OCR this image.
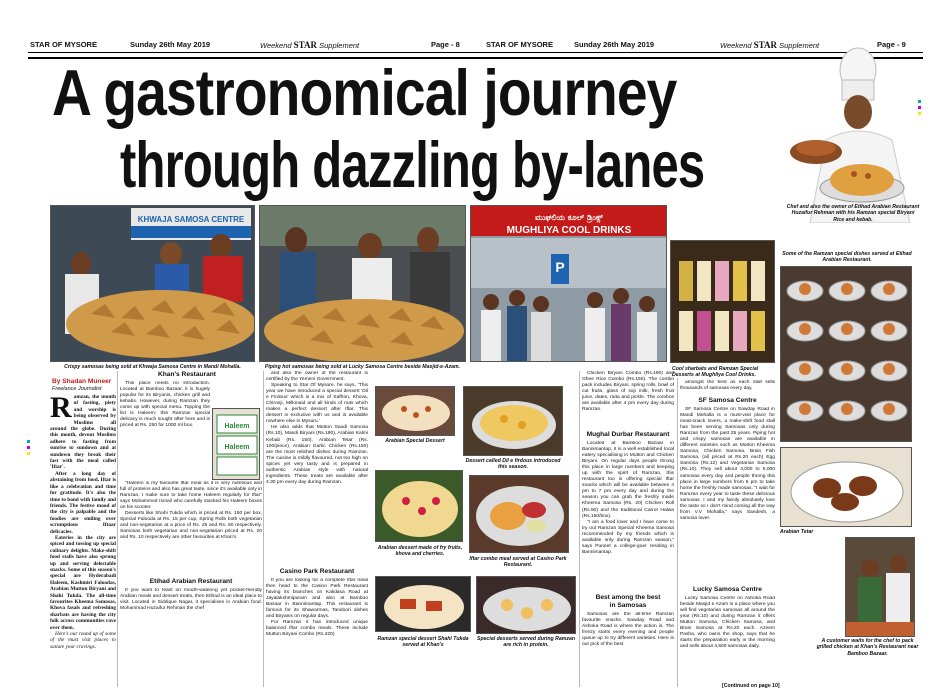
STAR OF MYSORE	Sunday 26th May 2019	Weekend STAR Supplement	Page - 8	STAR OF MYSORE	Sunday 26th May 2019	Weekend STAR Supplement	Page - 9
A gastronomical journey
through dazzling by-lanes
Chef and also the owner of Etihad Arabian Restaurant Huzaifur Rehman with his Ramzan special Biryani Rice and kebab.
KHWAJA SAMOSA CENTRE
Crispy samosas being sold at Khwaja Samosa Centre in Mandi Mohalla.	Piping hot samosas being sold at Lucky Samosa Centre beside Masjid-e-Azam.
ಮುಘಲಿಯ ಕೂಲ್ ಡ್ರಿಂಕ್ಸ್
MUGHLIYA COOL DRINKS
P
Cool sharbats and Ramzan Special Desserts at Mughliya Cool Drinks.
Some of the Ramzan special dishes served at Etihad Arabian Restaurant.
Arabian Tetar
A customer waits for the chef to pack grilled chicken at Khan's Restaurant near Bamboo Bazaar.
Haleem
Haleem
Arabian Special Dessert
Dessert called Dil e firdous introduced this season.
Arabian dessert made of fry fruits, khova and cherries.
Iftar combo meal served at Casino Park Restaurant.
Ramzan special dessert Shahi Tukda served at Khan's
Special desserts served during Ramzan are rich in protein.
By Shadan Muneer
Freelance Journalist
Ramzan, the month of fasting, piety and worship is being observed by Muslims all around the globe. During this month, devout Muslims adhere to fasting from sunrise to sundown and at sundown they break their fast with the meal called 'Iftar'.

After a long day of abstaining from food, Iftar is like a celebration and time for gratitude. It's also the time to bond with family and friends. The festive mood of the city is palpable and the foodies are smiling over scrumptious Iftaar delicacies.

Eateries in the city are spiced and tossing up special culinary delights. Make-shift food stalls have also sprung up and serving delectable snacks. Some of this season's special are Hyderabadi Haleem, Kashmiri Faloodas, Arabian Mutton Biryani and Shahi Tukda. The all-time favourites Kheema Samosas, Khova fasals and refreshing sharbats are having the city folk across communities rave over them.

Here's our round up of some of the must visit places to satiate your cravings.

Khan's Restaurant

This place needs no introduction. Located at Bamboo Bazaar, it is hugely popular for its Biryanis, chicken grill and kebabs. However, during Ramzan they come up with special menu. Topping the list is Haleem; this Ramzan special delicacy is much sought after here and is priced at Rs. 250 for 1000 ml box.

"Haleem is my favourite Iftar meal as it is very nutritious and full of proteins and also has great taste, since it's available only in Ramzan, I make sure to take home Haleem regularly for Iftar" says Mohammed Ismail who carefully stacked his Haleem boxes on his scooter.

Desserts like Shahi Tukda which is priced at Rs. 150 per box, Special Falooda at Rs. 15 per cup, Spring Rolls both vegetarian and non-vegetarian at a price of Rs. 25 and Rs. 60 respectively. Samosas both vegetarian and non-vegetarian priced at Rs. 20 and Rs. 10 respectively are other favourites at Khan's.

Etihad Arabian Restaurant

If you want to feast on mouth-watering yet pocket-friendly Arabian meals and dessert treats, then Etihad is an ideal place to visit. Located in Siddique Nagar, it specialises in Arabian food. Mohammad Huzaifur Rehman the chef

and also the owner of the restaurant is certified by the Yemeni Government.

Speaking to Star Of Mysore, he says, 'This year we have introduced a special dessert 'Dil e Firdous' which is a mix of Saffron, Khova, Chironji, Milkmaid and all kinds of nuts which makes a perfect dessert after Iftar. This dessert is exclusive with us and is available nowhere else in Mysuru.'

He also adds that Mutton Saudi Samosa (Rs.10), Mandi Biryani (Rs.190), Arabian Kalmi Kebab (Rs. 150), Arabian Tetar (Rs. 100/piece), Arabian Garlic Chicken (Rs.150) are the most relished dishes during Ramzan. The cuisine is mildly flavoured, not too high on spices yet very tasty and is prepared in authentic Arabian style with natural ingredients. These treats are available after 4.30 pm every day during Ramzan.

Casino Park Restaurant

If you are looking for a complete Iftar meal then head to the Casino Park Restaurant having its branches on Kalidasa Road at Jayalakshmipuram and also at Bamboo Bazaar in Bannimantap. This restaurant is famous for its Shawarmas, Tandoori dishes and Biryanis on regular days.

For Ramzan it has introduced unique balanced Iftar combo meals. These include Mutton Biryani Combo (Rs.220)

Chicken Biryani Combo (Rs.180) and Ghee Rice Combo (Rs.150). The combo pack includes Biryani, spring rolls, bowl of cut fruits, glass of soji milk, fresh fruit juice, dates, raita and pickle. The combos are available after 4 pm every day during Ramzan.

Mughal Durbar Restaurant

Located at Bamboo Bazaar in Bannimantap, it is a well established local eatery specialising in Mutton and Chicken Biryani. On regular days people throng this place in large numbers and keeping up with the spirit of Ramzan, this restaurant too is offering special Iftar snacks which will be available between 4 pm to 7 pm every day and during the season you can grab the freshly made Kheema Samosa (Rs. 20) Chicken Roll (Rs.50) and the traditional Carrot Halwa (Rs.150/box).

"I am a food lover and I have come to try out Ramzan Special Kheema Samosa recommended by my friends which is available only during Ramzan season," says Puneet a college-goer residing in Bannimantap.

Best among the best
in Samosas

Samosas are the all-time Ramzan favourite snacks. Sawday Road and Ashoka Road is where the action is. The frenzy starts every evening and people queue up to try different varieties. Here is our pick of the best

amongst the best as each stall sells thousands of samosas every day.

SF Samosa Centre

SF Samosa Centre on Sawday Road in Mandi Mohalla is a must-visit place for meat-snack lovers, a make-shift food stall has been serving Samosas only during Ramzan from the past 25 years. Piping hot and crispy samosas are available in different varieties such as Mutton Kheema Samosa, Chicken Samosa, Brain Fish Samosa, (all priced at Rs.20 each) Egg Samosa (Rs.12) and Vegetarian Samosa (Rs.10). They sell about 4,000 to 5,000 samosas every day and people throng this place in large numbers from 6 pm to take home the freshly made samosas. "I wait for Ramzan every year to taste these delicious samosas. I and my family absolutely love the taste so I don't mind coming all the way from V.V Mohalla," says Sandesh, a samosa lover.

Lucky Samosa Centre

Lucky Samosa Centre on Ashoka Road beside Masjid e Azam is a place where you will find vegetarian samosas all around the year (Rs.10) and during Ramzan it offers Mutton Samosa, Chicken Samosa, and Brain Samosa at Rs.20 each. Azeem Pasha, who owns the shop, says that he starts the preparation early in the morning and sells about 4,500 samosas daily.

[Continued on page 10]
